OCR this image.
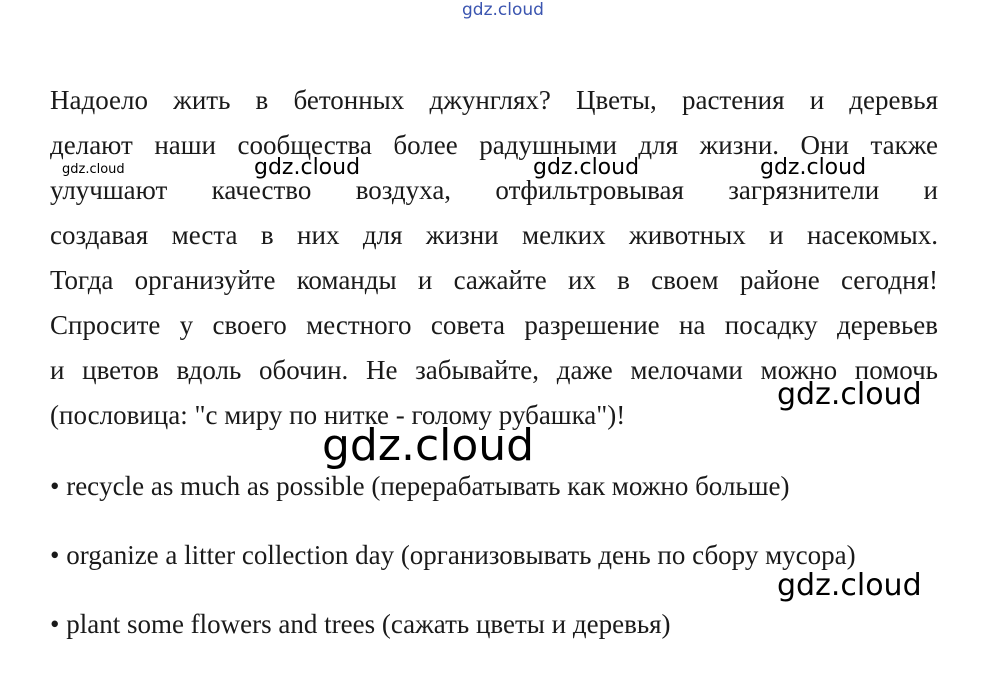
gdz.cloud

Надоело жить в бетонных джунглях? Цветы, растения и деревья
делают наши сообщества более радушными для жизни. Они также
улучшают качество воздуха, отфильтровывая загрязнители и
создавая места в них для жизни мелких животных и насекомых.
Тогда организуйте команды и сажайте их в своем районе сегодня!
Спросите у своего местного совета разрешение на посадку деревьев
и цветов вдоль обочин. Не забывайте, даже мелочами можно помочь
(пословица: "с миру по нитке - голому рубашка")!

gdz.cloud	gdz.cloud	gdz.cloud	gdz.cloud
gdz.cloud
gdz.cloud

• recycle as much as possible (перерабатывать как можно больше)

• organize a litter collection day (организовывать день по сбору мусора)

gdz.cloud

• plant some flowers and trees (сажать цветы и деревья)
